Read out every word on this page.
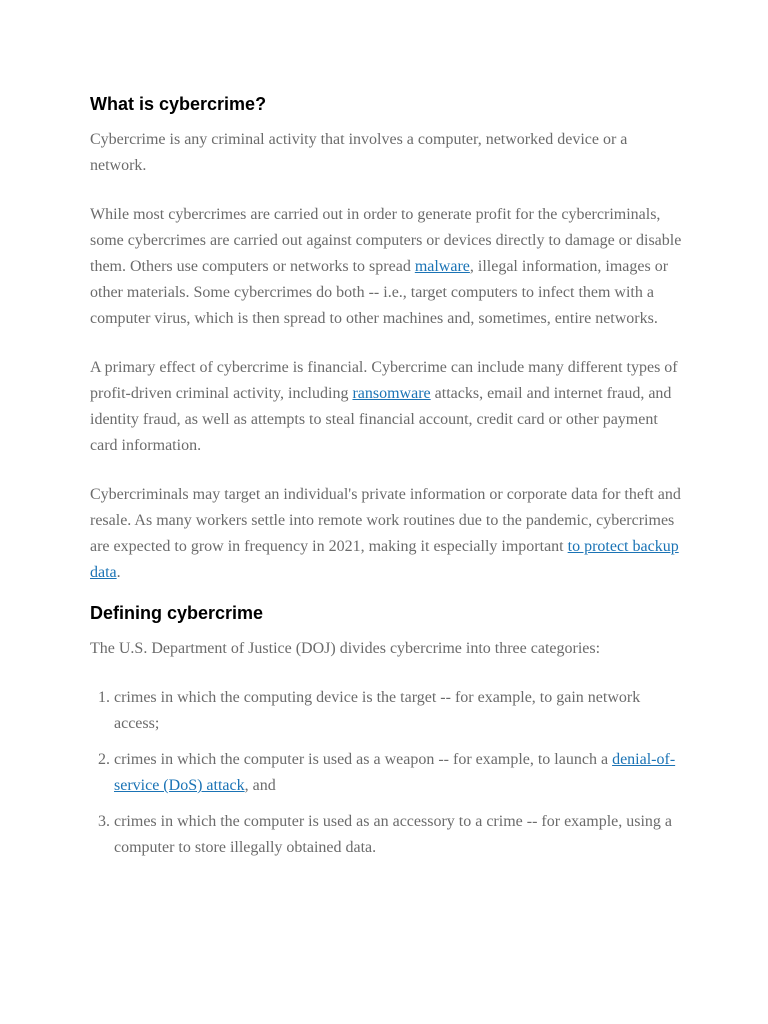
What is cybercrime?

Cybercrime is any criminal activity that involves a computer, networked device or a network.

While most cybercrimes are carried out in order to generate profit for the cybercriminals, some cybercrimes are carried out against computers or devices directly to damage or disable them. Others use computers or networks to spread malware, illegal information, images or other materials. Some cybercrimes do both -- i.e., target computers to infect them with a computer virus, which is then spread to other machines and, sometimes, entire networks.

A primary effect of cybercrime is financial. Cybercrime can include many different types of profit-driven criminal activity, including ransomware attacks, email and internet fraud, and identity fraud, as well as attempts to steal financial account, credit card or other payment card information.

Cybercriminals may target an individual's private information or corporate data for theft and resale. As many workers settle into remote work routines due to the pandemic, cybercrimes are expected to grow in frequency in 2021, making it especially important to protect backup data.

Defining cybercrime

The U.S. Department of Justice (DOJ) divides cybercrime into three categories:

1. crimes in which the computing device is the target -- for example, to gain network access;
2. crimes in which the computer is used as a weapon -- for example, to launch a denial-of-service (DoS) attack, and
3. crimes in which the computer is used as an accessory to a crime -- for example, using a computer to store illegally obtained data.
